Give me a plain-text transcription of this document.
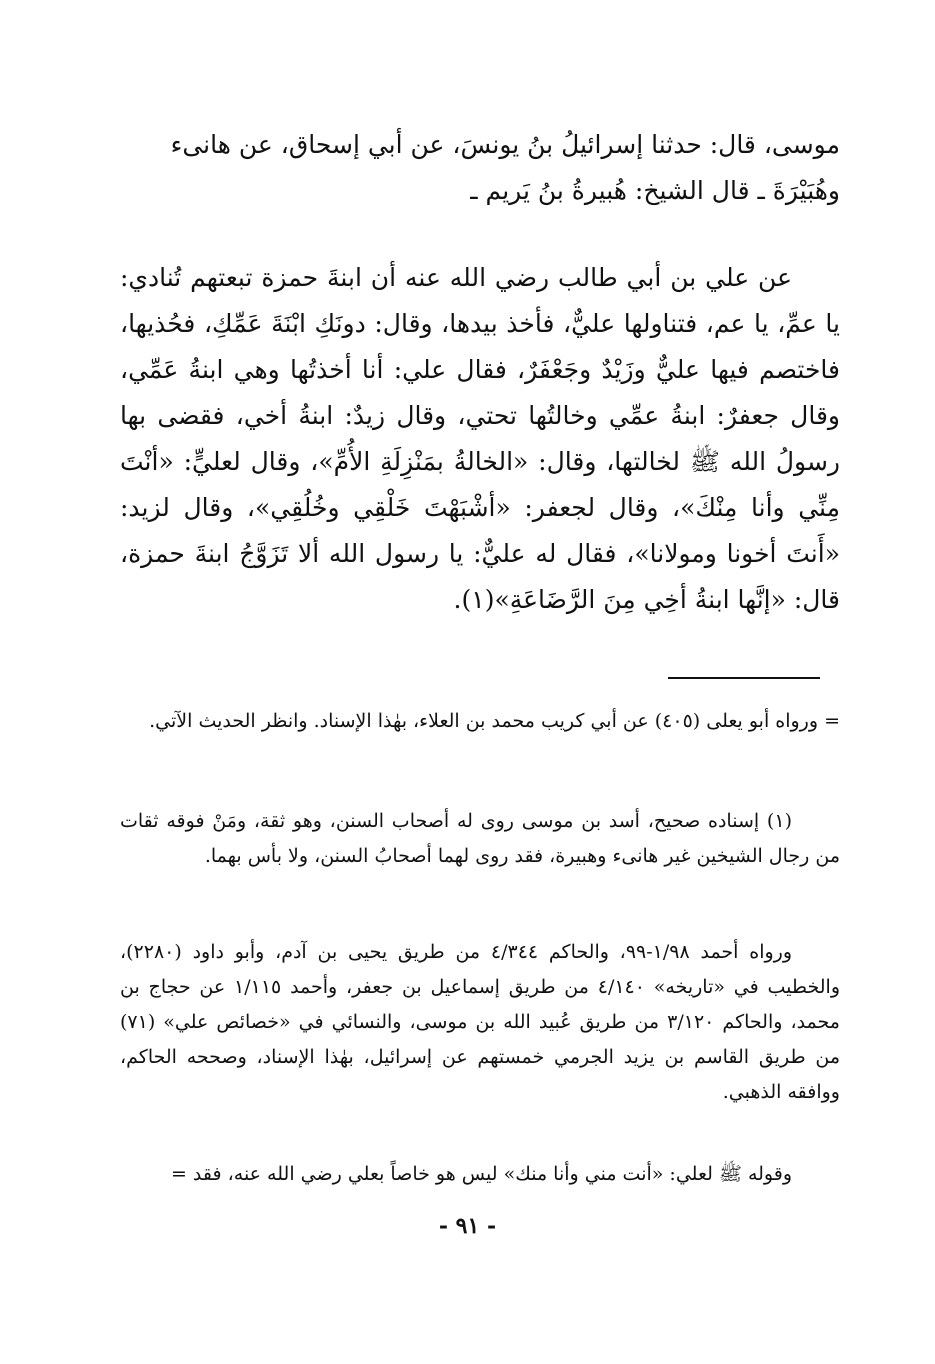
موسى، قال: حدثنا إسرائيلُ بنُ يونسَ، عن أبي إسحاق، عن هانىء

وهُبَيْرَةَ ـ قال الشيخ: هُبيرةُ بنُ يَريم ـ

عن علي بن أبي طالب رضي الله عنه أن ابنةَ حمزة تبعتهم تُنادي: يا عمِّ، يا عم، فتناولها عليٌّ، فأخذ بيدها، وقال: دونَكِ ابْنَةَ عَمِّكِ، فحُذيها، فاختصم فيها عليٌّ وزَيْدٌ وجَعْفَرٌ، فقال علي: أنا أخذتُها وهي ابنةُ عَمِّي، وقال جعفرٌ: ابنةُ عمِّي وخالتُها تحتي، وقال زيدٌ: ابنةُ أخي، فقضى بها رسولُ الله ﷺ لخالتها، وقال: «الخالةُ بمَنْزِلَةِ الأُمِّ»، وقال لعليٍّ: «أنْتَ مِنِّي وأنا مِنْكَ»، وقال لجعفر: «أشْبَهْتَ خَلْقِي وخُلُقِي»، وقال لزيد: «أَنتَ أخونا ومولانا»، فقال له عليٌّ: يا رسول الله ألا تَزَوَّجُ ابنةَ حمزة، قال: «إنَّها ابنةُ أخِي مِنَ الرَّضَاعَةِ»(١).

= ورواه أبو يعلى (٤٠٥) عن أبي كريب محمد بن العلاء، بهٰذا الإسناد. وانظر الحديث الآتي.

(١) إسناده صحيح، أسد بن موسى روى له أصحاب السنن، وهو ثقة، ومَنْ فوقه ثقات من رجال الشيخين غير هانىء وهبيرة، فقد روى لهما أصحابُ السنن، ولا بأس بهما.

ورواه أحمد ١/٩٨-٩٩، والحاكم ٤/٣٤٤ من طريق يحيى بن آدم، وأبو داود (٢٢٨٠)، والخطيب في «تاريخه» ٤/١٤٠ من طريق إسماعيل بن جعفر، وأحمد ١/١١٥ عن حجاج بن محمد، والحاكم ٣/١٢٠ من طريق عُبيد الله بن موسى، والنسائي في «خصائص علي» (٧١) من طريق القاسم بن يزيد الجرمي خمستهم عن إسرائيل، بهٰذا الإسناد، وصححه الحاكم، ووافقه الذهبي.

وقوله ﷺ لعلي: «أنت مني وأنا منك» ليس هو خاصاً بعلي رضي الله عنه، فقد =

- ٩١ -
